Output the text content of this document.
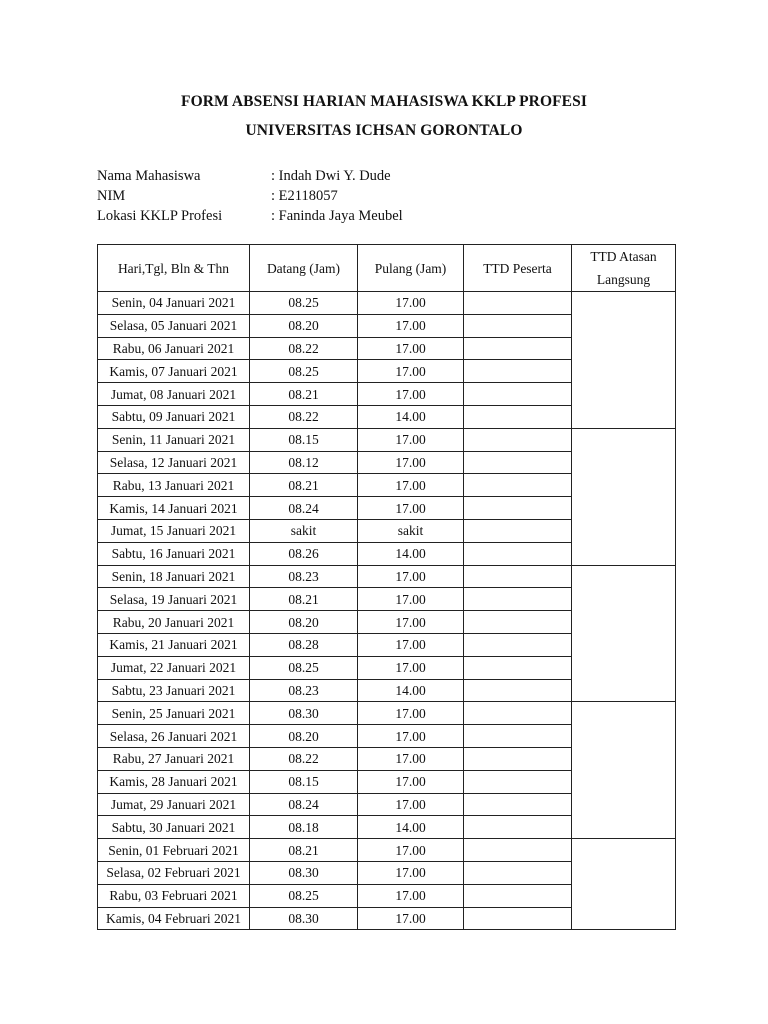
FORM ABSENSI HARIAN MAHASISWA KKLP PROFESI
UNIVERSITAS ICHSAN GORONTALO
Nama Mahasiswa	: Indah Dwi Y. Dude
NIM	: E2118057
Lokasi KKLP Profesi	: Faninda Jaya Meubel
Hari,Tgl, Bln & Thn	Datang (Jam)	Pulang (Jam)	TTD Peserta	TTD Atasan Langsung
Senin, 04 Januari 2021	08.25	17.00		
Selasa, 05 Januari 2021	08.20	17.00		
Rabu, 06 Januari 2021	08.22	17.00		
Kamis, 07 Januari 2021	08.25	17.00		
Jumat, 08 Januari 2021	08.21	17.00		
Sabtu, 09 Januari 2021	08.22	14.00		
Senin, 11 Januari 2021	08.15	17.00		
Selasa, 12 Januari 2021	08.12	17.00		
Rabu, 13 Januari 2021	08.21	17.00		
Kamis, 14 Januari 2021	08.24	17.00		
Jumat, 15 Januari 2021	sakit	sakit		
Sabtu, 16 Januari 2021	08.26	14.00		
Senin, 18 Januari 2021	08.23	17.00		
Selasa, 19 Januari 2021	08.21	17.00		
Rabu, 20 Januari 2021	08.20	17.00		
Kamis, 21 Januari 2021	08.28	17.00		
Jumat, 22 Januari 2021	08.25	17.00		
Sabtu, 23 Januari 2021	08.23	14.00		
Senin, 25 Januari 2021	08.30	17.00		
Selasa, 26 Januari 2021	08.20	17.00		
Rabu, 27 Januari 2021	08.22	17.00		
Kamis, 28 Januari 2021	08.15	17.00		
Jumat, 29 Januari 2021	08.24	17.00		
Sabtu, 30 Januari 2021	08.18	14.00		
Senin, 01 Februari 2021	08.21	17.00		
Selasa, 02 Februari 2021	08.30	17.00		
Rabu, 03 Februari 2021	08.25	17.00		
Kamis, 04 Februari 2021	08.30	17.00		
